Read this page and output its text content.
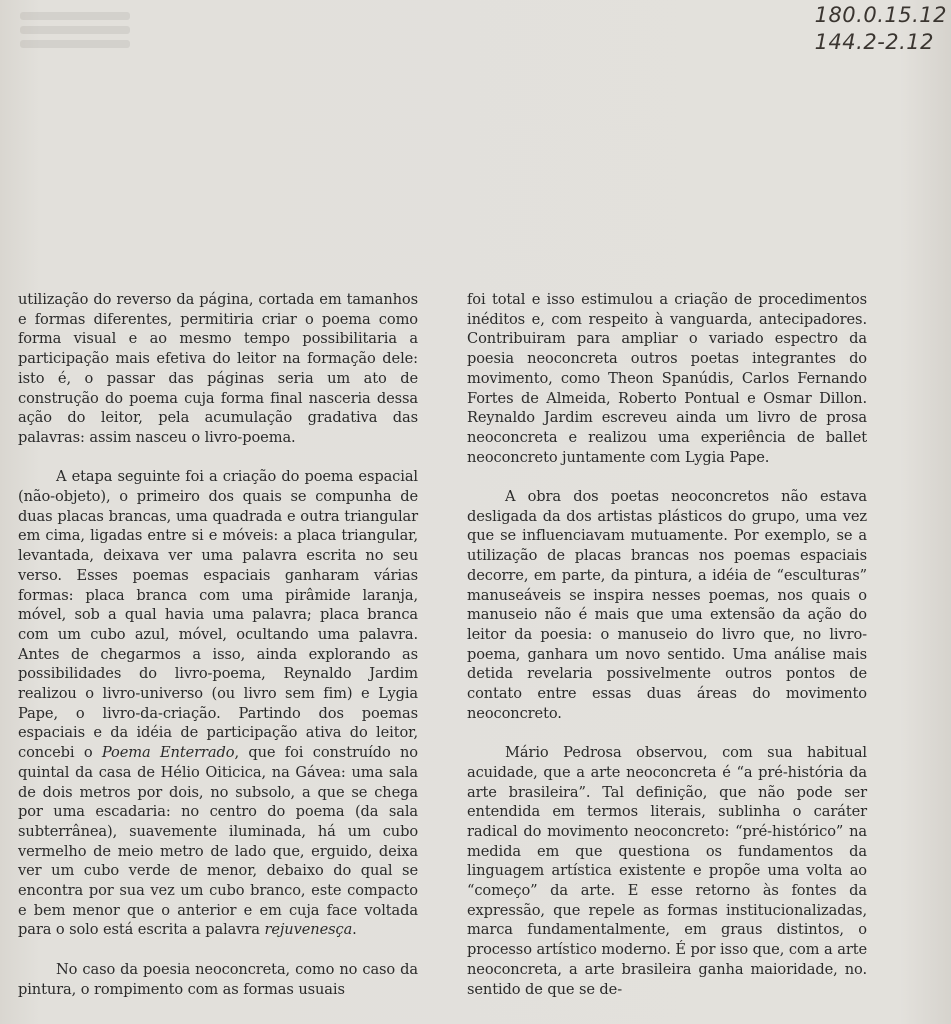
180.0.15.12
144.2-2.12

utilização do reverso da página, cortada em tamanhos e formas diferentes, permitiria criar o poema como forma visual e ao mesmo tempo possibilitaria a participação mais efetiva do leitor na formação dele: isto é, o passar das páginas seria um ato de construção do poema cuja forma final nasceria dessa ação do leitor, pela acumulação gradativa das palavras: assim nasceu o livro-poema.

A etapa seguinte foi a criação do poema espacial (não-objeto), o primeiro dos quais se compunha de duas placas brancas, uma quadrada e outra triangular em cima, ligadas entre si e móveis: a placa triangular, levantada, deixava ver uma palavra escrita no seu verso. Esses poemas espaciais ganharam várias formas: placa branca com uma pirâmide laranja, móvel, sob a qual havia uma palavra; placa branca com um cubo azul, móvel, ocultando uma palavra. Antes de chegarmos a isso, ainda explorando as possibilidades do livro-poema, Reynaldo Jardim realizou o livro-universo (ou livro sem fim) e Lygia Pape, o livro-da-criação. Partindo dos poemas espaciais e da idéia de participação ativa do leitor, concebi o Poema Enterrado, que foi construído no quintal da casa de Hélio Oiticica, na Gávea: uma sala de dois metros por dois, no subsolo, a que se chega por uma escadaria: no centro do poema (da sala subterrânea), suavemente iluminada, há um cubo vermelho de meio metro de lado que, erguido, deixa ver um cubo verde de menor, debaixo do qual se encontra por sua vez um cubo branco, este compacto e bem menor que o anterior e em cuja face voltada para o solo está escrita a palavra rejuvenesça.

No caso da poesia neoconcreta, como no caso da pintura, o rompimento com as formas usuais

foi total e isso estimulou a criação de procedimentos inéditos e, com respeito à vanguarda, antecipadores. Contribuiram para ampliar o variado espectro da poesia neoconcreta outros poetas integrantes do movimento, como Theon Spanúdis, Carlos Fernando Fortes de Almeida, Roberto Pontual e Osmar Dillon. Reynaldo Jardim escreveu ainda um livro de prosa neoconcreta e realizou uma experiência de ballet neoconcreto juntamente com Lygia Pape.

A obra dos poetas neoconcretos não estava desligada da dos artistas plásticos do grupo, uma vez que se influenciavam mutuamente. Por exemplo, se a utilização de placas brancas nos poemas espaciais decorre, em parte, da pintura, a idéia de “esculturas” manuseáveis se inspira nesses poemas, nos quais o manuseio não é mais que uma extensão da ação do leitor da poesia: o manuseio do livro que, no livro-poema, ganhara um novo sentido. Uma análise mais detida revelaria possivelmente outros pontos de contato entre essas duas áreas do movimento neoconcreto.

Mário Pedrosa observou, com sua habitual acuidade, que a arte neoconcreta é “a pré-história da arte brasileira”. Tal definição, que não pode ser entendida em termos literais, sublinha o caráter radical do movimento neoconcreto: “pré-histórico” na medida em que questiona os fundamentos da linguagem artística existente e propõe uma volta ao “começo” da arte. E esse retorno às fontes da expressão, que repele as formas institucionalizadas, marca fundamentalmente, em graus distintos, o processo artístico moderno. É por isso que, com a arte neoconcreta, a arte brasileira ganha maioridade, no. sentido de que se de-
